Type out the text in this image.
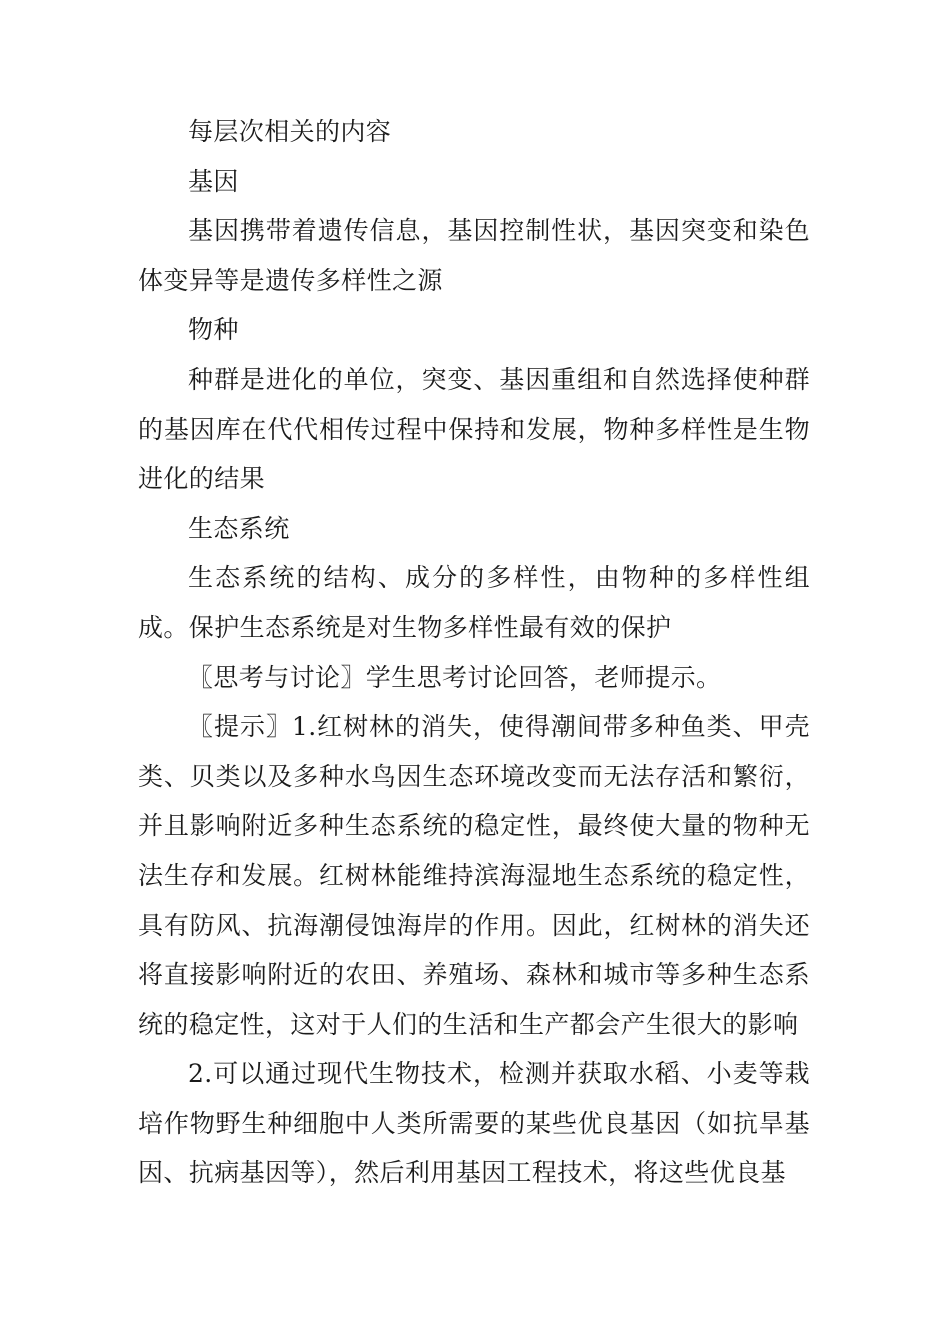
每层次相关的内容

基因

基因携带着遗传信息，基因控制性状，基因突变和染色体变异等是遗传多样性之源

物种

种群是进化的单位，突变、基因重组和自然选择使种群的基因库在代代相传过程中保持和发展，物种多样性是生物进化的结果

生态系统

生态系统的结构、成分的多样性，由物种的多样性组成。保护生态系统是对生物多样性最有效的保护

〖思考与讨论〗学生思考讨论回答，老师提示。

〖提示〗1.红树林的消失，使得潮间带多种鱼类、甲壳类、贝类以及多种水鸟因生态环境改变而无法存活和繁衍，并且影响附近多种生态系统的稳定性，最终使大量的物种无法生存和发展。红树林能维持滨海湿地生态系统的稳定性，具有防风、抗海潮侵蚀海岸的作用。因此，红树林的消失还将直接影响附近的农田、养殖场、森林和城市等多种生态系统的稳定性，这对于人们的生活和生产都会产生很大的影响

2.可以通过现代生物技术，检测并获取水稻、小麦等栽培作物野生种细胞中人类所需要的某些优良基因（如抗旱基因、抗病基因等），然后利用基因工程技术，将这些优良基
